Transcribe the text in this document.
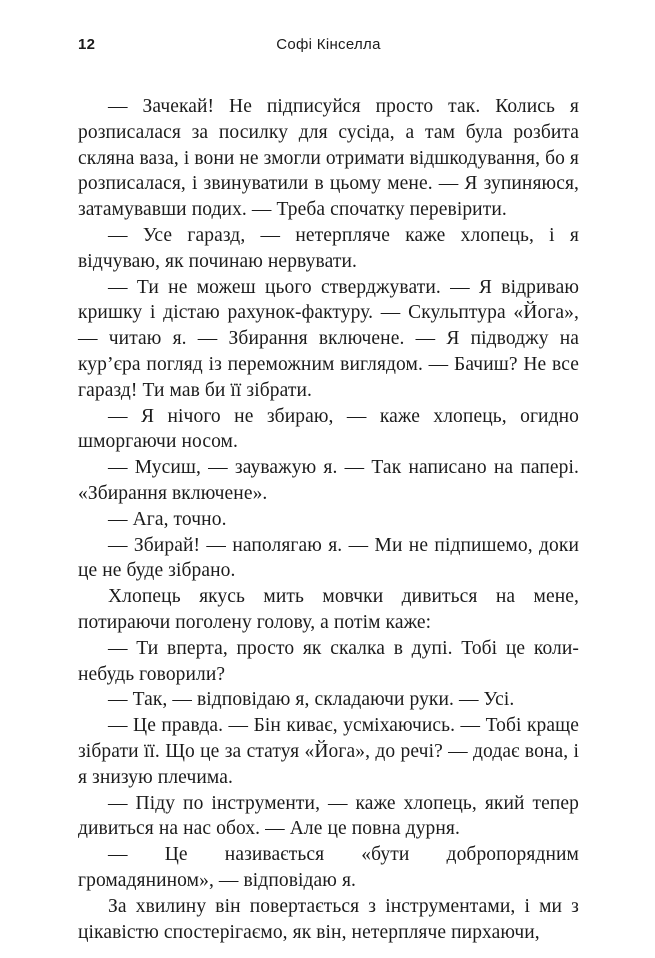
12	Софі Кінселла

— Зачекай! Не підписуйся просто так. Колись я розписалася за посилку для сусіда, а там була розбита скляна ваза, і вони не змогли отримати відшкодування, бо я розписалася, і звинуватили в цьому мене. — Я зупиняюся, затамувавши подих. — Треба спочатку перевірити.

— Усе гаразд, — нетерпляче каже хлопець, і я відчуваю, як починаю нервувати.

— Ти не можеш цього стверджувати. — Я відриваю кришку і дістаю рахунок-фактуру. — Скульптура «Йога», — читаю я. — Збирання включене. — Я підводжу на кур’єра погляд із переможним виглядом. — Бачиш? Не все гаразд! Ти мав би її зібрати.

— Я нічого не збираю, — каже хлопець, огидно шморгаючи носом.

— Мусиш, — зауважую я. — Так написано на папері. «Збирання включене».

— Ага, точно.

— Збирай! — наполягаю я. — Ми не підпишемо, доки це не буде зібрано.

Хлопець якусь мить мовчки дивиться на мене, потираючи поголену голову, а потім каже:

— Ти вперта, просто як скалка в дупі. Тобі це коли-небудь говорили?

— Так, — відповідаю я, складаючи руки. — Усі.

— Це правда. — Бін киває, усміхаючись. — Тобі краще зібрати її. Що це за статуя «Йога», до речі? — додає вона, і я знизую плечима.

— Піду по інструменти, — каже хлопець, який тепер дивиться на нас обох. — Але це повна дурня.

— Це називається «бути добропорядним громадянином», — відповідаю я.

За хвилину він повертається з інструментами, і ми з цікавістю спостерігаємо, як він, нетерпляче пирхаючи,
